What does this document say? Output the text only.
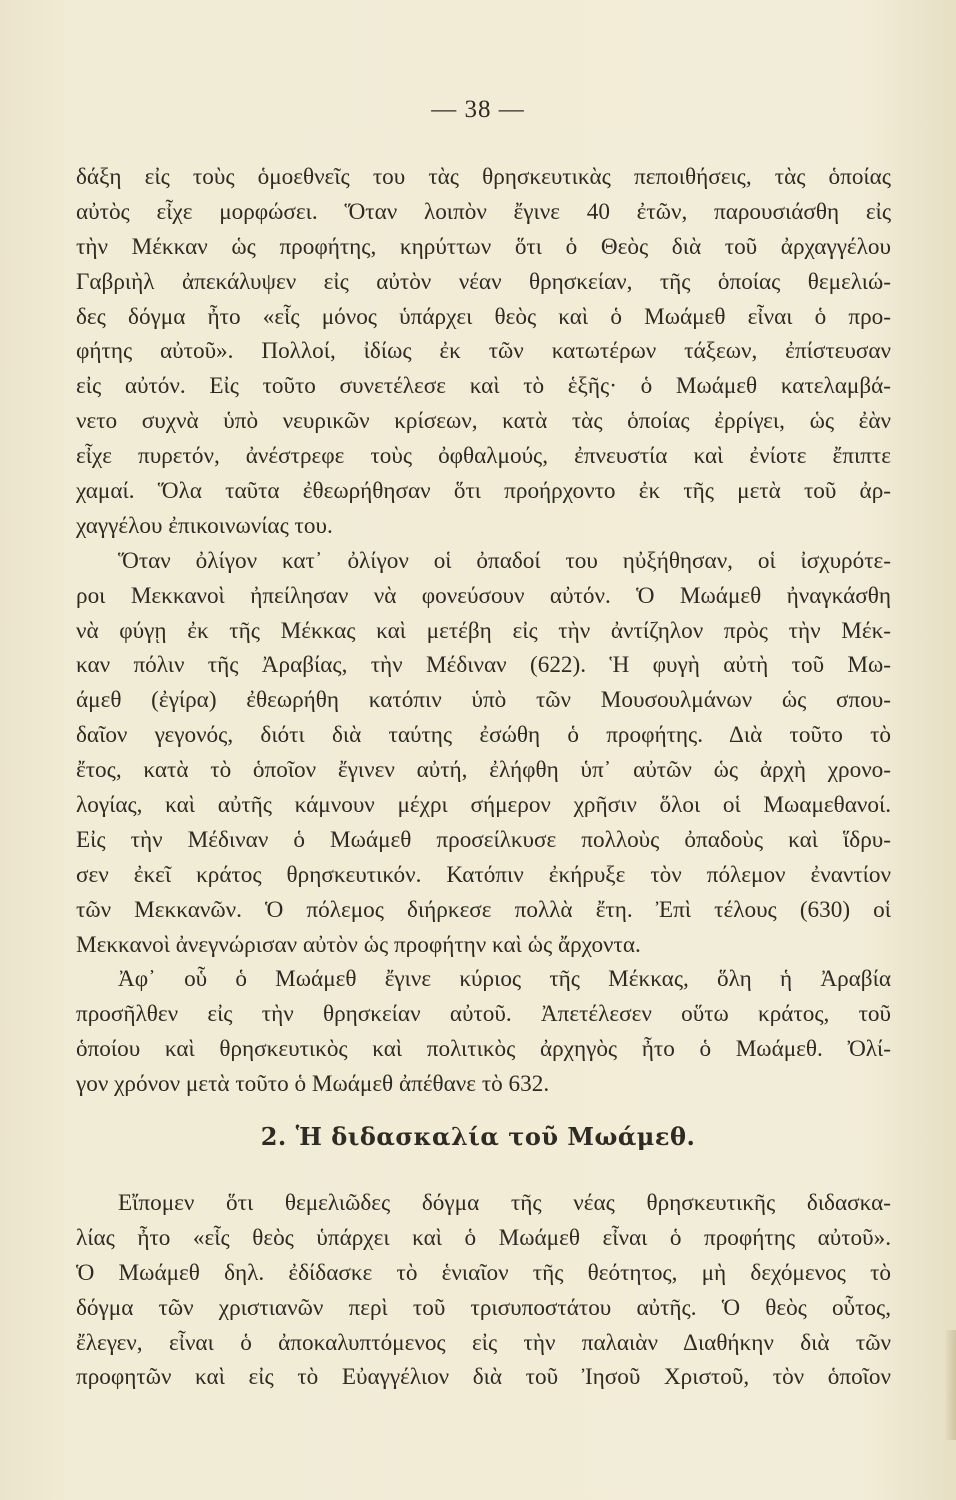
— 38 —
δάξη εἰς τοὺς ὁμοεθνεῖς του τὰς θρησκευτικὰς πεποιθήσεις, τὰς ὁποίας
αὐτὸς εἶχε μορφώσει. Ὅταν λοιπὸν ἔγινε 40 ἐτῶν, παρουσιάσθη εἰς
τὴν Μέκκαν ὡς προφήτης, κηρύττων ὅτι ὁ Θεὸς διὰ τοῦ ἀρχαγγέλου
Γαβριὴλ ἀπεκάλυψεν εἰς αὐτὸν νέαν θρησκείαν, τῆς ὁποίας θεμελιώ-
δες δόγμα ἦτο «εἷς μόνος ὑπάρχει θεὸς καὶ ὁ Μωάμεθ εἶναι ὁ προ-
φήτης αὐτοῦ». Πολλοί, ἰδίως ἐκ τῶν κατωτέρων τάξεων, ἐπίστευσαν
εἰς αὐτόν. Εἰς τοῦτο συνετέλεσε καὶ τὸ ἑξῆς· ὁ Μωάμεθ κατελαμβά-
νετο συχνὰ ὑπὸ νευρικῶν κρίσεων, κατὰ τὰς ὁποίας ἐρρίγει, ὡς ἐὰν
εἶχε πυρετόν, ἀνέστρεφε τοὺς ὀφθαλμούς, ἐπνευστία καὶ ἐνίοτε ἔπιπτε
χαμαί. Ὅλα ταῦτα ἐθεωρήθησαν ὅτι προήρχοντο ἐκ τῆς μετὰ τοῦ ἀρ-
χαγγέλου ἐπικοινωνίας του.
Ὅταν ὀλίγον κατ᾽ ὀλίγον οἱ ὀπαδοί του ηὐξήθησαν, οἱ ἰσχυρότε-
ροι Μεκκανοὶ ἠπείλησαν νὰ φονεύσουν αὐτόν. Ὁ Μωάμεθ ἠναγκάσθη
νὰ φύγῃ ἐκ τῆς Μέκκας καὶ μετέβη εἰς τὴν ἀντίζηλον πρὸς τὴν Μέκ-
καν πόλιν τῆς Ἀραβίας, τὴν Μέδιναν (622). Ἡ φυγὴ αὐτὴ τοῦ Μω-
άμεθ (ἐγίρα) ἐθεωρήθη κατόπιν ὑπὸ τῶν Μουσουλμάνων ὡς σπου-
δαῖον γεγονός, διότι διὰ ταύτης ἐσώθη ὁ προφήτης. Διὰ τοῦτο τὸ
ἔτος, κατὰ τὸ ὁποῖον ἔγινεν αὐτή, ἐλήφθη ὑπ᾽ αὐτῶν ὡς ἀρχὴ χρονο-
λογίας, καὶ αὐτῆς κάμνουν μέχρι σήμερον χρῆσιν ὅλοι οἱ Μωαμεθανοί.
Εἰς τὴν Μέδιναν ὁ Μωάμεθ προσείλκυσε πολλοὺς ὀπαδοὺς καὶ ἵδρυ-
σεν ἐκεῖ κράτος θρησκευτικόν. Κατόπιν ἐκήρυξε τὸν πόλεμον ἐναντίον
τῶν Μεκκανῶν. Ὁ πόλεμος διήρκεσε πολλὰ ἔτη. Ἐπὶ τέλους (630) οἱ
Μεκκανοὶ ἀνεγνώρισαν αὐτὸν ὡς προφήτην καὶ ὡς ἄρχοντα.
Ἀφ᾽ οὗ ὁ Μωάμεθ ἔγινε κύριος τῆς Μέκκας, ὅλη ἡ Ἀραβία
προσῆλθεν εἰς τὴν θρησκείαν αὐτοῦ. Ἀπετέλεσεν οὕτω κράτος, τοῦ
ὁποίου καὶ θρησκευτικὸς καὶ πολιτικὸς ἀρχηγὸς ἦτο ὁ Μωάμεθ. Ὀλί-
γον χρόνον μετὰ τοῦτο ὁ Μωάμεθ ἀπέθανε τὸ 632.
2. Ἡ διδασκαλία τοῦ Μωάμεθ.
Εἴπομεν ὅτι θεμελιῶδες δόγμα τῆς νέας θρησκευτικῆς διδασκα-
λίας ἦτο «εἷς θεὸς ὑπάρχει καὶ ὁ Μωάμεθ εἶναι ὁ προφήτης αὐτοῦ».
Ὁ Μωάμεθ δηλ. ἐδίδασκε τὸ ἑνιαῖον τῆς θεότητος, μὴ δεχόμενος τὸ
δόγμα τῶν χριστιανῶν περὶ τοῦ τρισυποστάτου αὐτῆς. Ὁ θεὸς οὗτος,
ἔλεγεν, εἶναι ὁ ἀποκαλυπτόμενος εἰς τὴν παλαιὰν Διαθήκην διὰ τῶν
προφητῶν καὶ εἰς τὸ Εὐαγγέλιον διὰ τοῦ Ἰησοῦ Χριστοῦ, τὸν ὁποῖον
